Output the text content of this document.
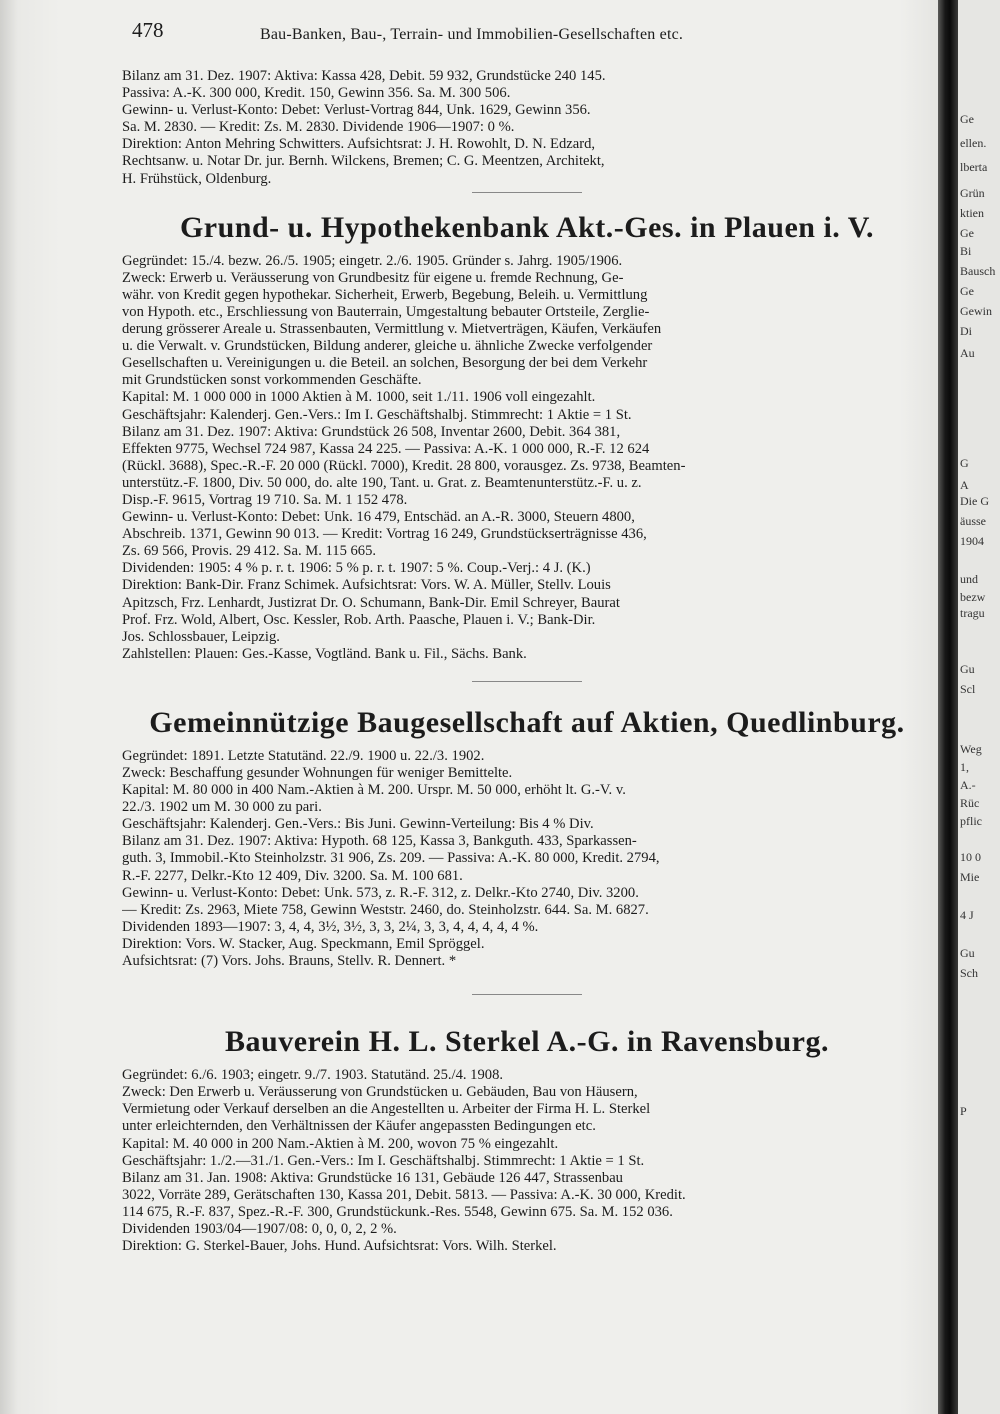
478	Bau-Banken, Bau-, Terrain- und Immobilien-Gesellschaften etc.
Bilanz am 31. Dez. 1907: Aktiva: Kassa 428, Debit. 59 932, Grundstücke 240 145.
Passiva: A.-K. 300 000, Kredit. 150, Gewinn 356. Sa. M. 300 506.
Gewinn- u. Verlust-Konto: Debet: Verlust-Vortrag 844, Unk. 1629, Gewinn 356.
Sa. M. 2830. — Kredit: Zs. M. 2830. Dividende 1906—1907: 0 %.
Direktion: Anton Mehring Schwitters. Aufsichtsrat: J. H. Rowohlt, D. N. Edzard,
Rechtsanw. u. Notar Dr. jur. Bernh. Wilckens, Bremen; C. G. Meentzen, Architekt,
H. Frühstück, Oldenburg.
Grund- u. Hypothekenbank Akt.-Ges. in Plauen i. V.
Gegründet: 15./4. bezw. 26./5. 1905; eingetr. 2./6. 1905. Gründer s. Jahrg. 1905/1906.
Zweck: Erwerb u. Veräusserung von Grundbesitz für eigene u. fremde Rechnung, Ge-
währ. von Kredit gegen hypothekar. Sicherheit, Erwerb, Begebung, Beleih. u. Vermittlung
von Hypoth. etc., Erschliessung von Bauterrain, Umgestaltung bebauter Ortsteile, Zerglie-
derung grösserer Areale u. Strassenbauten, Vermittlung v. Mietverträgen, Käufen, Verkäufen
u. die Verwalt. v. Grundstücken, Bildung anderer, gleiche u. ähnliche Zwecke verfolgender
Gesellschaften u. Vereinigungen u. die Beteil. an solchen, Besorgung der bei dem Verkehr
mit Grundstücken sonst vorkommenden Geschäfte.
Kapital: M. 1 000 000 in 1000 Aktien à M. 1000, seit 1./11. 1906 voll eingezahlt.
Geschäftsjahr: Kalenderj. Gen.-Vers.: Im I. Geschäftshalbj. Stimmrecht: 1 Aktie = 1 St.
Bilanz am 31. Dez. 1907: Aktiva: Grundstück 26 508, Inventar 2600, Debit. 364 381,
Effekten 9775, Wechsel 724 987, Kassa 24 225. — Passiva: A.-K. 1 000 000, R.-F. 12 624
(Rückl. 3688), Spec.-R.-F. 20 000 (Rückl. 7000), Kredit. 28 800, vorausgez. Zs. 9738, Beamten-
unterstütz.-F. 1800, Div. 50 000, do. alte 190, Tant. u. Grat. z. Beamtenunterstütz.-F. u. z.
Disp.-F. 9615, Vortrag 19 710. Sa. M. 1 152 478.
Gewinn- u. Verlust-Konto: Debet: Unk. 16 479, Entschäd. an A.-R. 3000, Steuern 4800,
Abschreib. 1371, Gewinn 90 013. — Kredit: Vortrag 16 249, Grundstückserträgnisse 436,
Zs. 69 566, Provis. 29 412. Sa. M. 115 665.
Dividenden: 1905: 4 % p. r. t. 1906: 5 % p. r. t. 1907: 5 %. Coup.-Verj.: 4 J. (K.)
Direktion: Bank-Dir. Franz Schimek. Aufsichtsrat: Vors. W. A. Müller, Stellv. Louis
Apitzsch, Frz. Lenhardt, Justizrat Dr. O. Schumann, Bank-Dir. Emil Schreyer, Baurat
Prof. Frz. Wold, Albert, Osc. Kessler, Rob. Arth. Paasche, Plauen i. V.; Bank-Dir.
Jos. Schlossbauer, Leipzig.
Zahlstellen: Plauen: Ges.-Kasse, Vogtländ. Bank u. Fil., Sächs. Bank.
Gemeinnützige Baugesellschaft auf Aktien, Quedlinburg.
Gegründet: 1891. Letzte Statutänd. 22./9. 1900 u. 22./3. 1902.
Zweck: Beschaffung gesunder Wohnungen für weniger Bemittelte.
Kapital: M. 80 000 in 400 Nam.-Aktien à M. 200. Urspr. M. 50 000, erhöht lt. G.-V. v.
22./3. 1902 um M. 30 000 zu pari.
Geschäftsjahr: Kalenderj. Gen.-Vers.: Bis Juni. Gewinn-Verteilung: Bis 4 % Div.
Bilanz am 31. Dez. 1907: Aktiva: Hypoth. 68 125, Kassa 3, Bankguth. 433, Sparkassen-
guth. 3, Immobil.-Kto Steinholzstr. 31 906, Zs. 209. — Passiva: A.-K. 80 000, Kredit. 2794,
R.-F. 2277, Delkr.-Kto 12 409, Div. 3200. Sa. M. 100 681.
Gewinn- u. Verlust-Konto: Debet: Unk. 573, z. R.-F. 312, z. Delkr.-Kto 2740, Div. 3200.
— Kredit: Zs. 2963, Miete 758, Gewinn Weststr. 2460, do. Steinholzstr. 644. Sa. M. 6827.
Dividenden 1893—1907: 3, 4, 4, 3½, 3½, 3, 3, 2¼, 3, 3, 4, 4, 4, 4, 4 %.
Direktion: Vors. W. Stacker, Aug. Speckmann, Emil Spröggel.
Aufsichtsrat: (7) Vors. Johs. Brauns, Stellv. R. Dennert. *
Bauverein H. L. Sterkel A.-G. in Ravensburg.
Gegründet: 6./6. 1903; eingetr. 9./7. 1903. Statutänd. 25./4. 1908.
Zweck: Den Erwerb u. Veräusserung von Grundstücken u. Gebäuden, Bau von Häusern,
Vermietung oder Verkauf derselben an die Angestellten u. Arbeiter der Firma H. L. Sterkel
unter erleichternden, den Verhältnissen der Käufer angepassten Bedingungen etc.
Kapital: M. 40 000 in 200 Nam.-Aktien à M. 200, wovon 75 % eingezahlt.
Geschäftsjahr: 1./2.—31./1. Gen.-Vers.: Im I. Geschäftshalbj. Stimmrecht: 1 Aktie = 1 St.
Bilanz am 31. Jan. 1908: Aktiva: Grundstücke 16 131, Gebäude 126 447, Strassenbau
3022, Vorräte 289, Gerätschaften 130, Kassa 201, Debit. 5813. — Passiva: A.-K. 30 000, Kredit.
114 675, R.-F. 837, Spez.-R.-F. 300, Grundstückunk.-Res. 5548, Gewinn 675. Sa. M. 152 036.
Dividenden 1903/04—1907/08: 0, 0, 0, 2, 2 %.
Direktion: G. Sterkel-Bauer, Johs. Hund. Aufsichtsrat: Vors. Wilh. Sterkel.
Ge
ellen.
lberta
Grün
ktien
Ge
Bi
Bausch
Ge
Gewin
Di
Au
G
A
Die G
äusse
1904
und
bezw
tragu
Gu
Scl
Weg
1,
A.-
Rüc
pflic
10 0
Mie
4 J
Gu
Sch
P
